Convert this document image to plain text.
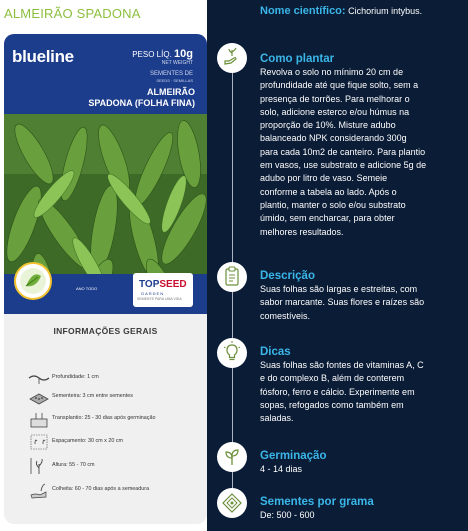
ALMEIRÃO SPADONA
blueline	PESO LÍQ. 10g
NET WEIGHT
SEMENTES DE
SEEDS · SEMILLAS
ALMEIRÃO
SPADONA (FOLHA FINA)
ANO TODO	TOPSEED
GARDEN
SEMENTE PARA UMA VIDA
INFORMAÇÕES GERAIS
Profundidade: 1 cm
Sementeira: 3 cm entre sementes
Transplantio: 25 - 30 dias após germinação
Espaçamento: 30 cm x 20 cm
Altura: 55 - 70 cm
Colheita: 60 - 70 dias após a semeadura
Nome científico: Cichorium intybus.
Como plantar
Revolva o solo no mínimo 20 cm de
profundidade até que fique solto, sem a
presença de torrões. Para melhorar o
solo, adicione esterco e/ou húmus na
proporção de 10%. Misture adubo
balanceado NPK considerando 300g
para cada 10m2 de canteiro. Para plantio
em vasos, use substrato e adicione 5g de
adubo por litro de vaso. Semeie
conforme a tabela ao lado. Após o
plantio, manter o solo e/ou substrato
úmido, sem encharcar, para obter
melhores resultados.
Descrição
Suas folhas são largas e estreitas, com
sabor marcante. Suas flores e raízes são
comestíveis.
Dicas
Suas folhas são fontes de vitaminas A, C
e do complexo B, além de conterem
fósforo, ferro e cálcio. Experimente em
sopas, refogados como também em
saladas.
Germinação
4 - 14 dias
Sementes por grama
De: 500 - 600
